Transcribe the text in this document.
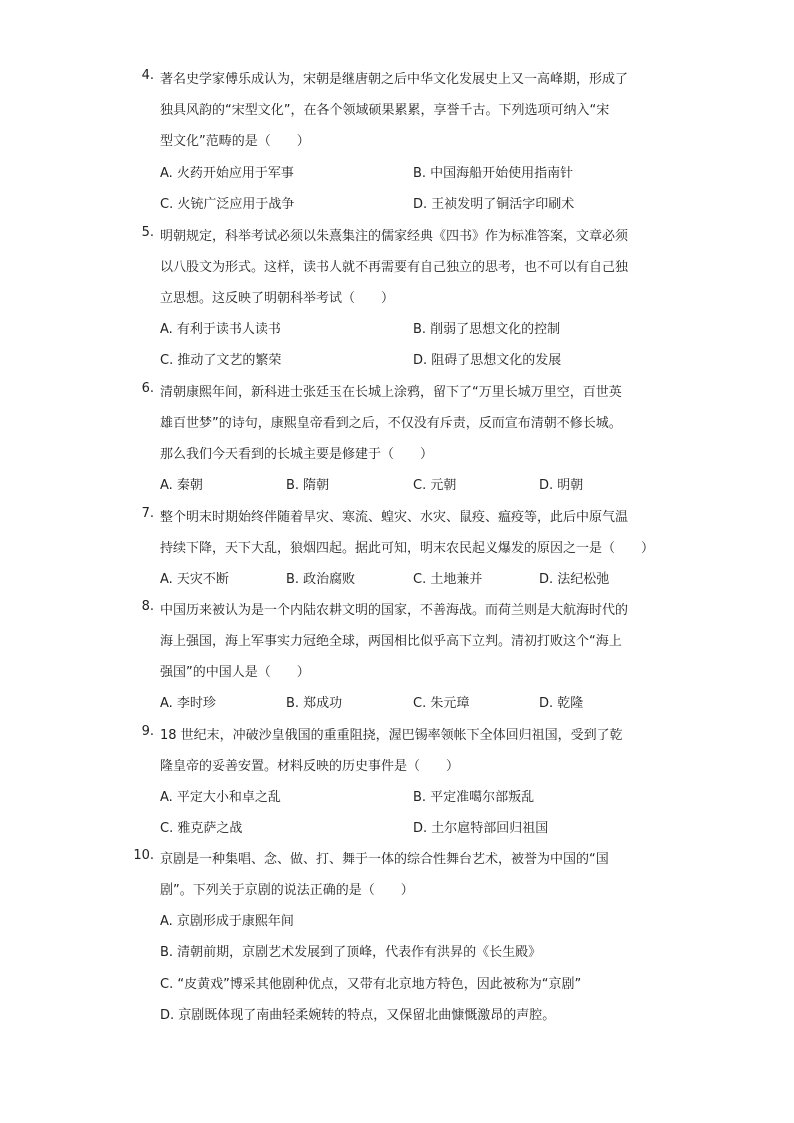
4. 著名史学家傅乐成认为，宋朝是继唐朝之后中华文化发展史上又一高峰期，形成了
独具风韵的“宋型文化”，在各个领域硕果累累，享誉千古。下列选项可纳入“宋
型文化”范畴的是（　　）
A. 火药开始应用于军事	B. 中国海船开始使用指南针
C. 火铳广泛应用于战争	D. 王祯发明了铜活字印刷术
5. 明朝规定，科举考试必须以朱熹集注的儒家经典《四书》作为标准答案，文章必须
以八股文为形式。这样，读书人就不再需要有自己独立的思考，也不可以有自己独
立思想。这反映了明朝科举考试（　　）
A. 有利于读书人读书	B. 削弱了思想文化的控制
C. 推动了文艺的繁荣	D. 阻碍了思想文化的发展
6. 清朝康熙年间，新科进士张廷玉在长城上涂鸦，留下了“万里长城万里空，百世英
雄百世梦”的诗句，康熙皇帝看到之后，不仅没有斥责，反而宣布清朝不修长城。
那么我们今天看到的长城主要是修建于（　　）
A. 秦朝	B. 隋朝	C. 元朝	D. 明朝
7. 整个明末时期始终伴随着旱灾、寒流、蝗灾、水灾、鼠疫、瘟疫等，此后中原气温
持续下降，天下大乱，狼烟四起。据此可知，明末农民起义爆发的原因之一是（　　）
A. 天灾不断	B. 政治腐败	C. 土地兼并	D. 法纪松弛
8. 中国历来被认为是一个内陆农耕文明的国家，不善海战。而荷兰则是大航海时代的
海上强国，海上军事实力冠绝全球，两国相比似乎高下立判。清初打败这个“海上
强国”的中国人是（　　）
A. 李时珍	B. 郑成功	C. 朱元璋	D. 乾隆
9. 18 世纪末，冲破沙皇俄国的重重阻挠，渥巴锡率领帐下全体回归祖国，受到了乾
隆皇帝的妥善安置。材料反映的历史事件是（　　）
A. 平定大小和卓之乱	B. 平定准噶尔部叛乱
C. 雅克萨之战	D. 土尔扈特部回归祖国
10. 京剧是一种集唱、念、做、打、舞于一体的综合性舞台艺术，被誉为中国的“国
剧”。下列关于京剧的说法正确的是（　　）
A. 京剧形成于康熙年间
B. 清朝前期，京剧艺术发展到了顶峰，代表作有洪昇的《长生殿》
C. “皮黄戏”博采其他剧种优点，又带有北京地方特色，因此被称为“京剧”
D. 京剧既体现了南曲轻柔婉转的特点，又保留北曲慷慨激昂的声腔。
